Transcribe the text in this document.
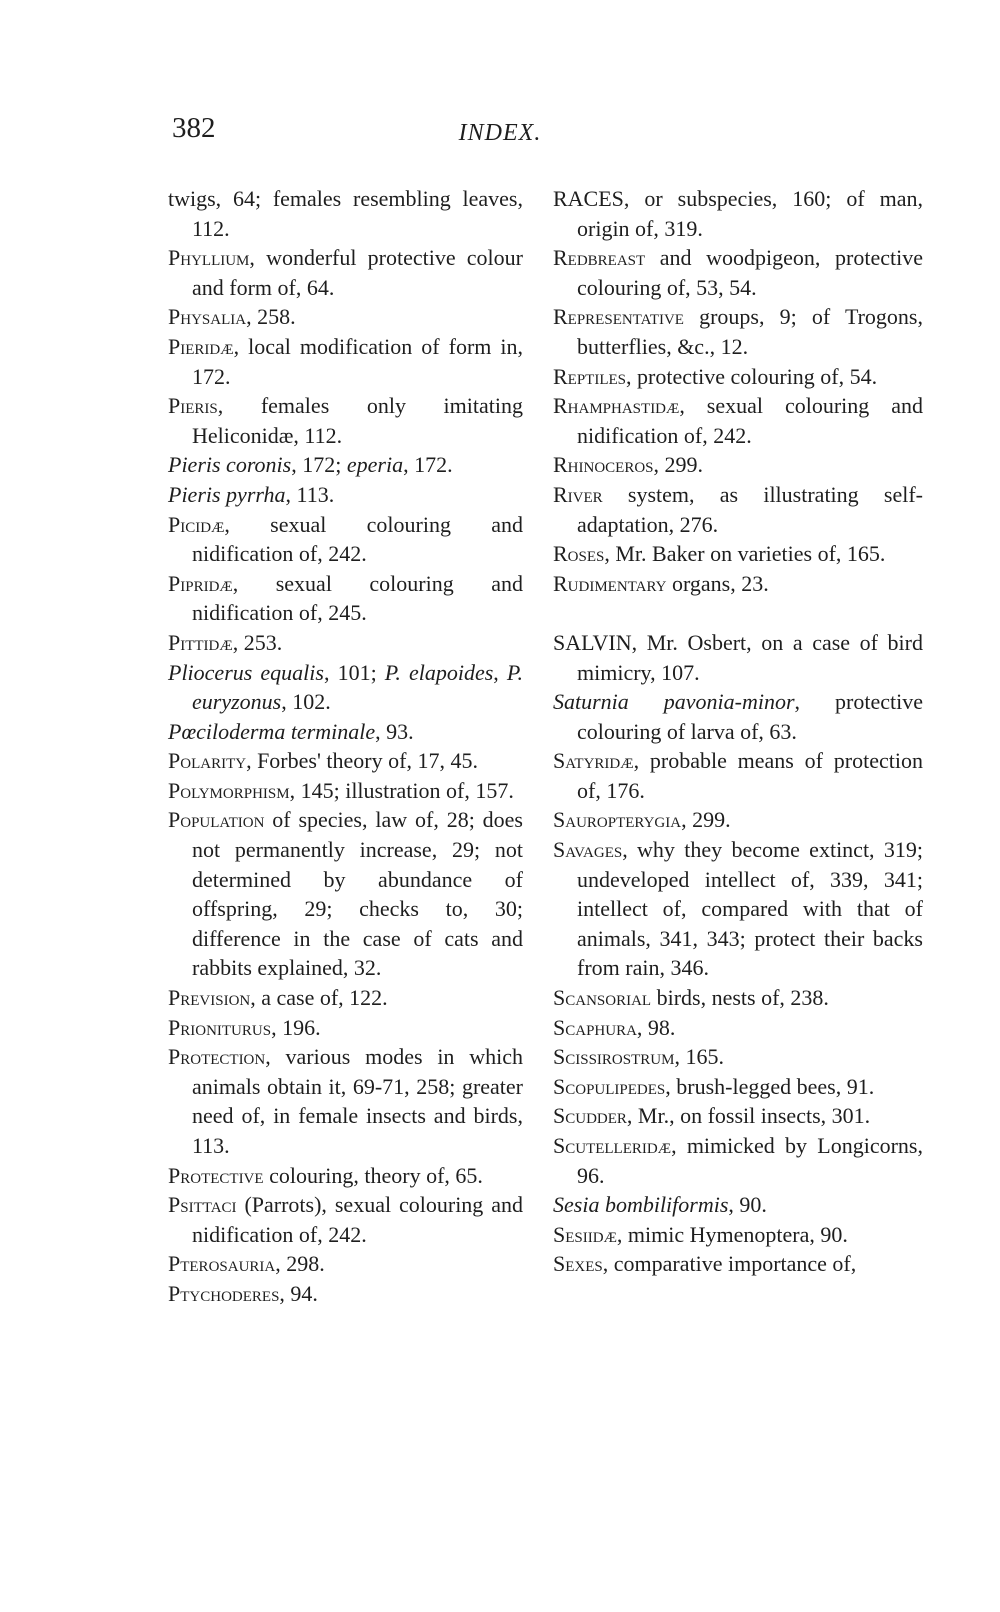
382	INDEX.

twigs, 64; females resembling leaves, 112.

Phyllium, wonderful protective colour and form of, 64.

Physalia, 258.

Pieridæ, local modification of form in, 172.

Pieris, females only imitating Heliconidæ, 112.

Pieris coronis, 172; eperia, 172.

Pieris pyrrha, 113.

Picidæ, sexual colouring and nidification of, 242.

Pipridæ, sexual colouring and nidification of, 245.

Pittidæ, 253.

Pliocerus equalis, 101; P. elapoides, P. euryzonus, 102.

Pœciloderma terminale, 93.

Polarity, Forbes' theory of, 17, 45.

Polymorphism, 145; illustration of, 157.

Population of species, law of, 28; does not permanently increase, 29; not determined by abundance of offspring, 29; checks to, 30; difference in the case of cats and rabbits explained, 32.

Prevision, a case of, 122.

Prioniturus, 196.

Protection, various modes in which animals obtain it, 69-71, 258; greater need of, in female insects and birds, 113.

Protective colouring, theory of, 65.

Psittaci (Parrots), sexual colouring and nidification of, 242.

Pterosauria, 298.

Ptychoderes, 94.

RACES, or subspecies, 160; of man, origin of, 319.

Redbreast and woodpigeon, protective colouring of, 53, 54.

Representative groups, 9; of Trogons, butterflies, &c., 12.

Reptiles, protective colouring of, 54.

Rhamphastidæ, sexual colouring and nidification of, 242.

Rhinoceros, 299.

River system, as illustrating self-adaptation, 276.

Roses, Mr. Baker on varieties of, 165.

Rudimentary organs, 23.

SALVIN, Mr. Osbert, on a case of bird mimicry, 107.

Saturnia pavonia-minor, protective colouring of larva of, 63.

Satyridæ, probable means of protection of, 176.

Sauropterygia, 299.

Savages, why they become extinct, 319; undeveloped intellect of, 339, 341; intellect of, compared with that of animals, 341, 343; protect their backs from rain, 346.

Scansorial birds, nests of, 238.

Scaphura, 98.

Scissirostrum, 165.

Scopulipedes, brush-legged bees, 91.

Scudder, Mr., on fossil insects, 301.

Scutelleridæ, mimicked by Longicorns, 96.

Sesia bombiliformis, 90.

Sesiidæ, mimic Hymenoptera, 90.

Sexes, comparative importance of,
